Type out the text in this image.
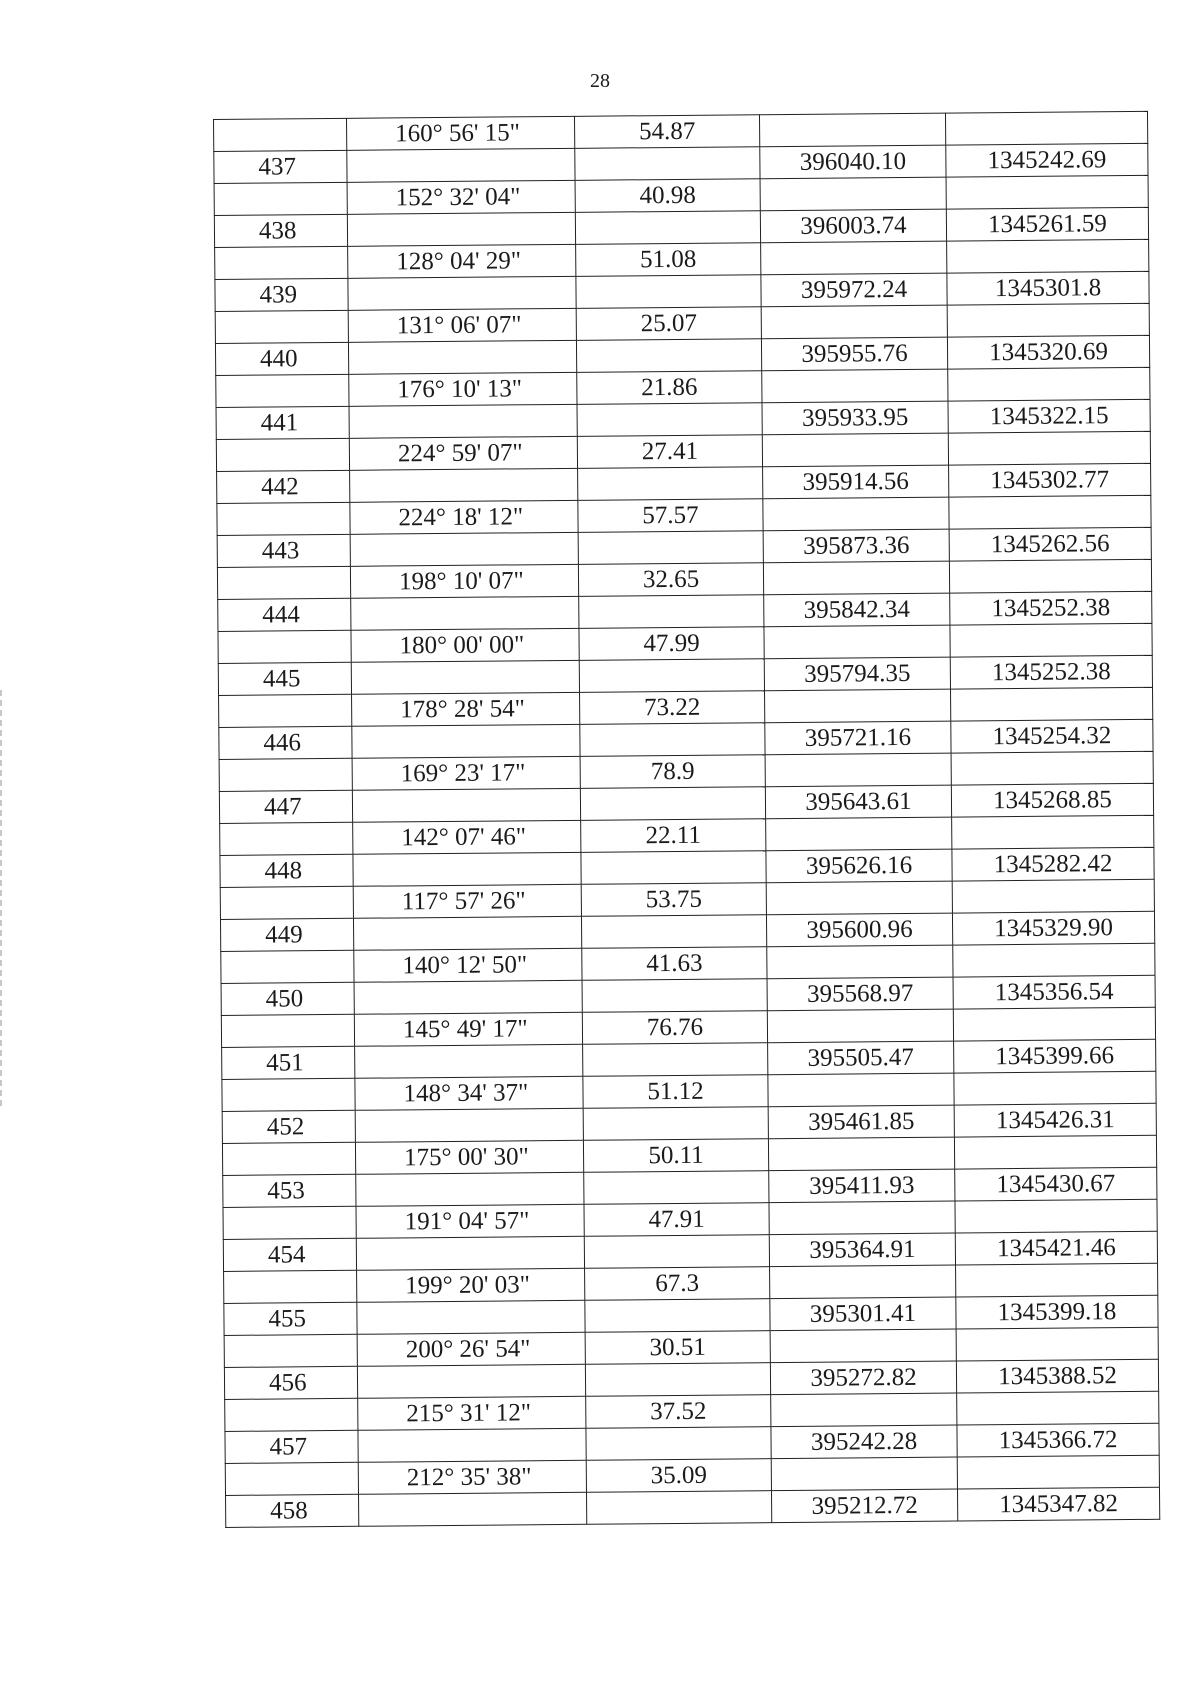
28
	160° 56' 15"	54.87		
437			396040.10	1345242.69
	152° 32' 04"	40.98		
438			396003.74	1345261.59
	128° 04' 29"	51.08		
439			395972.24	1345301.8
	131° 06' 07"	25.07		
440			395955.76	1345320.69
	176° 10' 13"	21.86		
441			395933.95	1345322.15
	224° 59' 07"	27.41		
442			395914.56	1345302.77
	224° 18' 12"	57.57		
443			395873.36	1345262.56
	198° 10' 07"	32.65		
444			395842.34	1345252.38
	180° 00' 00"	47.99		
445			395794.35	1345252.38
	178° 28' 54"	73.22		
446			395721.16	1345254.32
	169° 23' 17"	78.9		
447			395643.61	1345268.85
	142° 07' 46"	22.11		
448			395626.16	1345282.42
	117° 57' 26"	53.75		
449			395600.96	1345329.90
	140° 12' 50"	41.63		
450			395568.97	1345356.54
	145° 49' 17"	76.76		
451			395505.47	1345399.66
	148° 34' 37"	51.12		
452			395461.85	1345426.31
	175° 00' 30"	50.11		
453			395411.93	1345430.67
	191° 04' 57"	47.91		
454			395364.91	1345421.46
	199° 20' 03"	67.3		
455			395301.41	1345399.18
	200° 26' 54"	30.51		
456			395272.82	1345388.52
	215° 31' 12"	37.52		
457			395242.28	1345366.72
	212° 35' 38"	35.09		
458			395212.72	1345347.82
